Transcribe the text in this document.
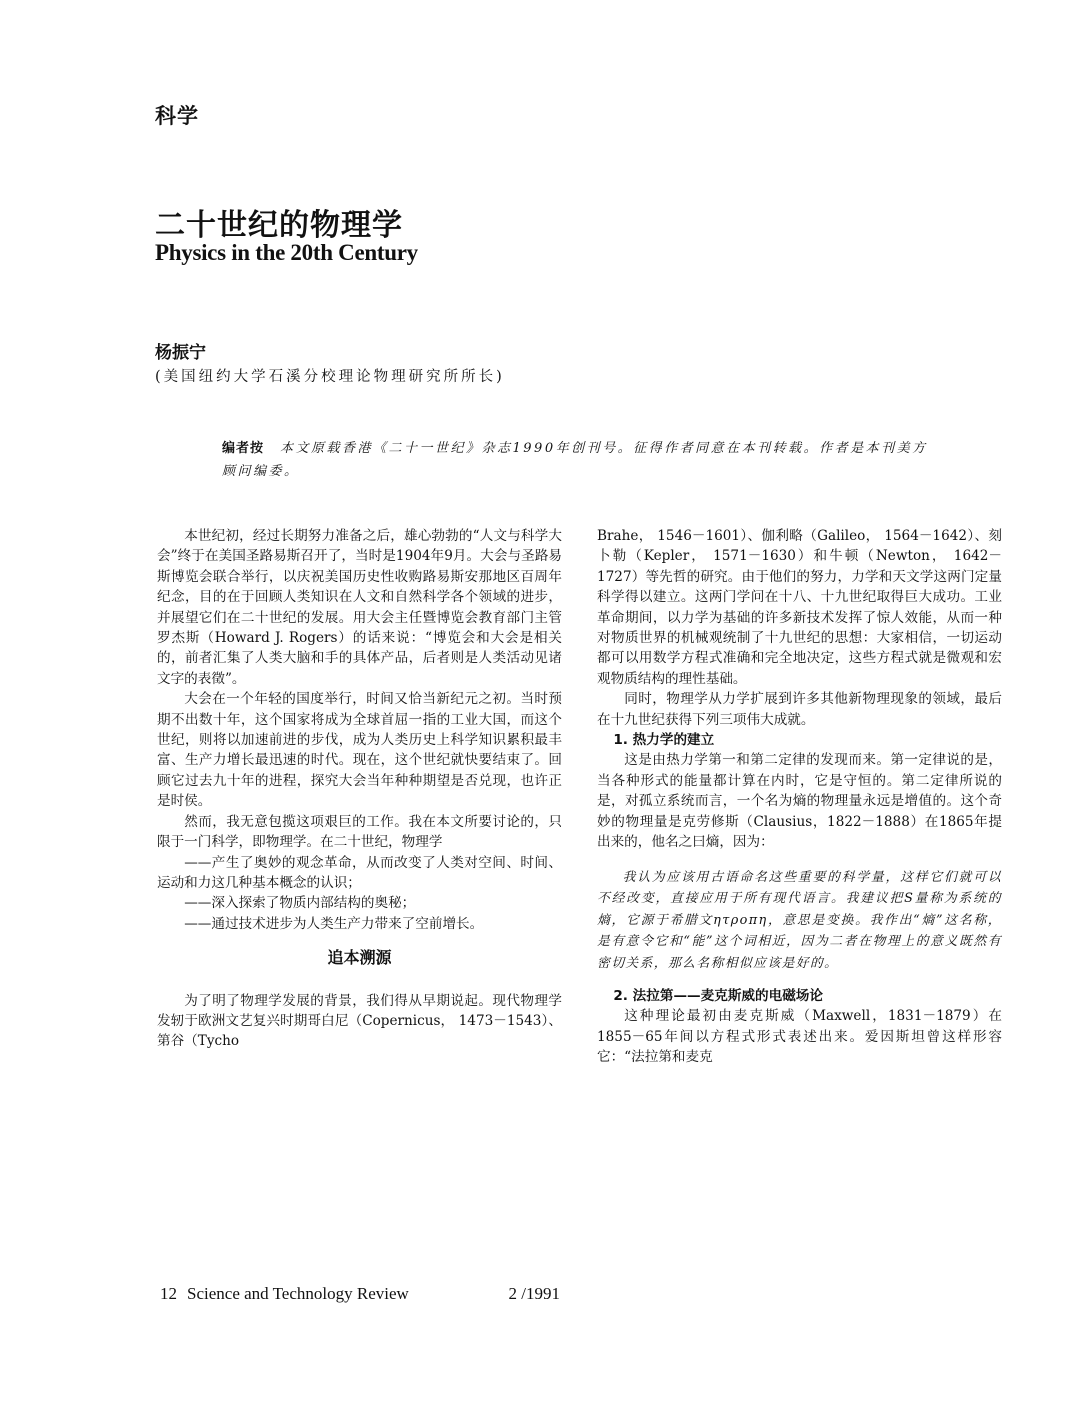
科学
二十世纪的物理学
Physics in the 20th Century
杨振宁
(美国纽约大学石溪分校理论物理研究所所长)
编者按 本文原载香港《二十一世纪》杂志1990年创刊号。征得作者同意在本刊转载。作者是本刊美方顾问编委。

本世纪初，经过长期努力准备之后，雄心勃勃的“人文与科学大会”终于在美国圣路易斯召开了，当时是1904年9月。大会与圣路易斯博览会联合举行，以庆祝美国历史性收购路易斯安那地区百周年纪念，目的在于回顾人类知识在人文和自然科学各个领域的进步，并展望它们在二十世纪的发展。用大会主任暨博览会教育部门主管罗杰斯（Howard J. Rogers）的话来说：“博览会和大会是相关的，前者汇集了人类大脑和手的具体产品，后者则是人类活动见诸文字的表徵”。

大会在一个年轻的国度举行，时间又恰当新纪元之初。当时预期不出数十年，这个国家将成为全球首屈一指的工业大国，而这个世纪，则将以加速前进的步伐，成为人类历史上科学知识累积最丰富、生产力增长最迅速的时代。现在，这个世纪就快要结束了。回顾它过去九十年的进程，探究大会当年种种期望是否兑现，也许正是时侯。

然而，我无意包揽这项艰巨的工作。我在本文所要讨论的，只限于一门科学，即物理学。在二十世纪，物理学

——产生了奥妙的观念革命，从而改变了人类对空间、时间、运动和力这几种基本概念的认识；

——深入探索了物质内部结构的奥秘；

——通过技术进步为人类生产力带来了空前增长。

追本溯源

为了明了物理学发展的背景，我们得从早期说起。现代物理学发轫于欧洲文艺复兴时期哥白尼（Copernicus， 1473－1543）、第谷（Tycho

Brahe， 1546－1601）、伽利略（Galileo， 1564－1642）、刻卜勒（Kepler， 1571－1630）和牛顿（Newton， 1642－1727）等先哲的研究。由于他们的努力，力学和天文学这两门定量科学得以建立。这两门学问在十八、十九世纪取得巨大成功。工业革命期间，以力学为基础的许多新技术发挥了惊人效能，从而一种对物质世界的机械观统制了十九世纪的思想：大家相信，一切运动都可以用数学方程式准确和完全地决定，这些方程式就是微观和宏观物质结构的理性基础。

同时，物理学从力学扩展到许多其他新物理现象的领域，最后在十九世纪获得下列三项伟大成就。

1. 热力学的建立

这是由热力学第一和第二定律的发现而来。第一定律说的是，当各种形式的能量都计算在内时，它是守恒的。第二定律所说的是，对孤立系统而言，一个名为熵的物理量永远是增值的。这个奇妙的物理量是克劳修斯（Clausius，1822－1888）在1865年提出来的，他名之曰熵，因为：

我认为应该用古语命名这些重要的科学量，这样它们就可以不经改变，直接应用于所有现代语言。我建议把S量称为系统的熵，它源于希腊文ητροπη，意思是变换。我作出“熵”这名称，是有意令它和“能”这个词相近，因为二者在物理上的意义既然有密切关系，那么名称相似应该是好的。

2. 法拉第——麦克斯威的电磁场论

这种理论最初由麦克斯威（Maxwell，1831－1879）在1855－65年间以方程式形式表述出来。爱因斯坦曾这样形容它：“法拉第和麦克

12 Science and Technology Review	2 /1991
